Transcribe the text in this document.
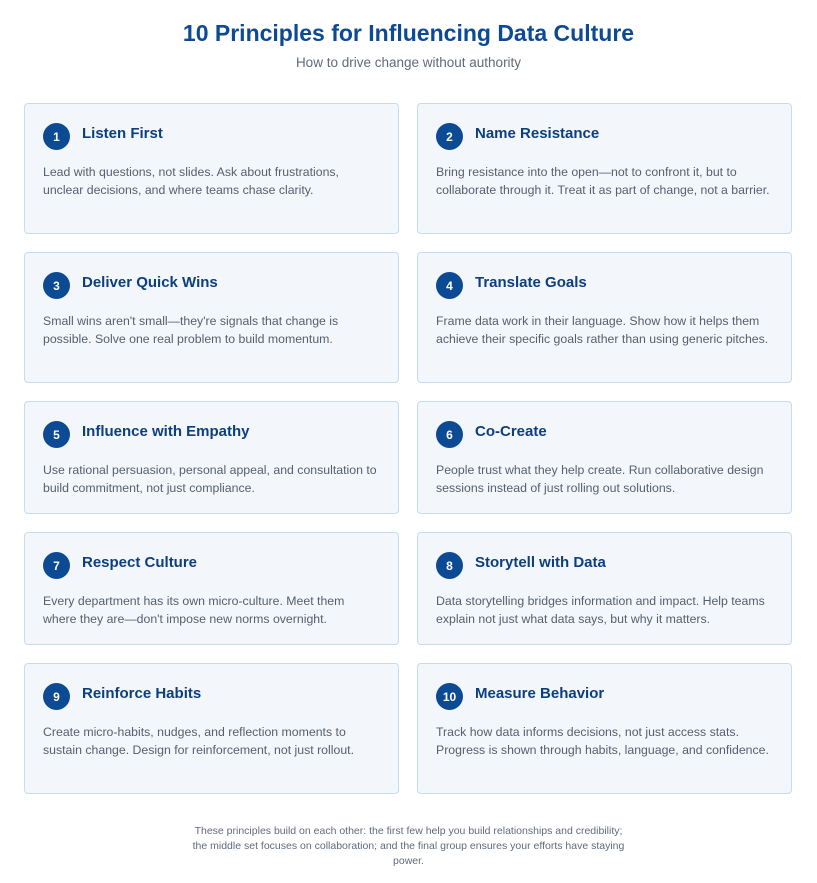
10 Principles for Influencing Data Culture

How to drive change without authority

1	Listen First
Lead with questions, not slides. Ask about frustrations, unclear decisions, and where teams chase clarity.
2	Name Resistance
Bring resistance into the open—not to confront it, but to collaborate through it. Treat it as part of change, not a barrier.
3	Deliver Quick Wins
Small wins aren't small—they're signals that change is possible. Solve one real problem to build momentum.
4	Translate Goals
Frame data work in their language. Show how it helps them achieve their specific goals rather than using generic pitches.
5	Influence with Empathy
Use rational persuasion, personal appeal, and consultation to build commitment, not just compliance.
6	Co-Create
People trust what they help create. Run collaborative design sessions instead of just rolling out solutions.
7	Respect Culture
Every department has its own micro-culture. Meet them where they are—don't impose new norms overnight.
8	Storytell with Data
Data storytelling bridges information and impact. Help teams explain not just what data says, but why it matters.
9	Reinforce Habits
Create micro-habits, nudges, and reflection moments to sustain change. Design for reinforcement, not just rollout.
10	Measure Behavior
Track how data informs decisions, not just access stats. Progress is shown through habits, language, and confidence.

These principles build on each other: the first few help you build relationships and credibility; the middle set focuses on collaboration; and the final group ensures your efforts have staying power.
